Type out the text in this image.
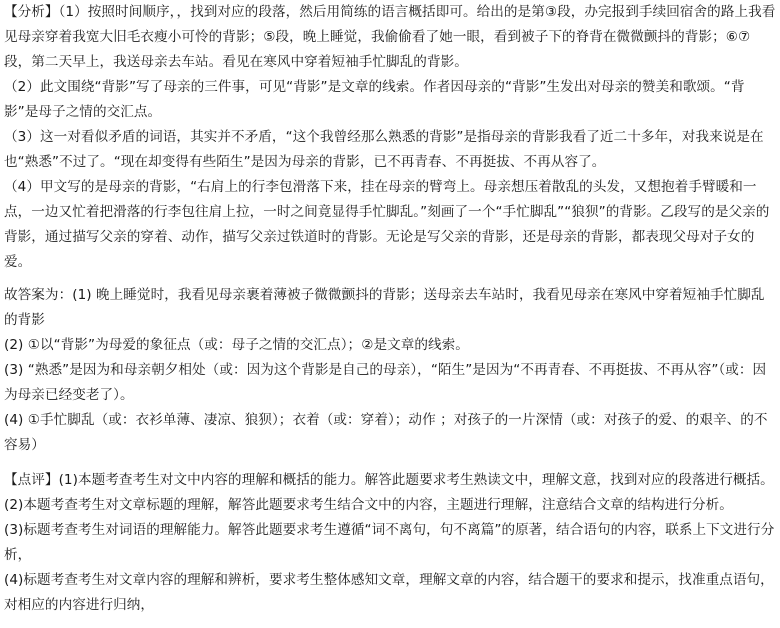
【分析】（1）按照时间顺序，，找到对应的段落，然后用简练的语言概括即可。给出的是第③段，办完报到手续回宿舍的路上我看见母亲穿着我宽大旧毛衣瘦小可怜的背影；⑤段，晚上睡觉，我偷偷看了她一眼，看到被子下的脊背在微微颤抖的背影；⑥⑦段，第二天早上，我送母亲去车站。看见在寒风中穿着短袖手忙脚乱的背影。

（2）此文围绕“背影”写了母亲的三件事，可见“背影”是文章的线索。作者因母亲的“背影”生发出对母亲的赞美和歌颂。“背影”是母子之情的交汇点。

（3）这一对看似矛盾的词语，其实并不矛盾，“这个我曾经那么熟悉的背影”是指母亲的背影我看了近二十多年，对我来说是在也“熟悉”不过了。“现在却变得有些陌生”是因为母亲的背影，已不再青春、不再挺拔、不再从容了。

（4）甲文写的是母亲的背影，“右肩上的行李包滑落下来，挂在母亲的臂弯上。母亲想压着散乱的头发，又想抱着手臂暖和一点，一边又忙着把滑落的行李包往肩上拉，一时之间竟显得手忙脚乱。”刻画了一个“手忙脚乱”“狼狈”的背影。乙段写的是父亲的背影，通过描写父亲的穿着、动作，描写父亲过铁道时的背影。无论是写父亲的背影，还是母亲的背影，都表现父母对子女的爱。

故答案为：(1) 晚上睡觉时，我看见母亲裹着薄被子微微颤抖的背影；送母亲去车站时，我看见母亲在寒风中穿着短袖手忙脚乱的背影

(2) ①以“背影”为母爱的象征点（或：母子之情的交汇点）；②是文章的线索。

(3) “熟悉”是因为和母亲朝夕相处（或：因为这个背影是自己的母亲），“陌生”是因为“不再青春、不再挺拔、不再从容”（或：因为母亲已经变老了）。

(4) ①手忙脚乱（或：衣衫单薄、凄凉、狼狈）；衣着（或：穿着）；动作 ；对孩子的一片深情（或：对孩子的爱、的艰辛、的不容易）

【点评】(1)本题考查考生对文中内容的理解和概括的能力。解答此题要求考生熟读文中，理解文意，找到对应的段落进行概括。

(2)本题考查考生对文章标题的理解，解答此题要求考生结合文中的内容，主题进行理解，注意结合文章的结构进行分析。

(3)标题考查考生对词语的理解能力。解答此题要求考生遵循“词不离句，句不离篇”的原著，结合语句的内容，联系上下文进行分析，

(4)标题考查考生对文章内容的理解和辨析，要求考生整体感知文章，理解文章的内容，结合题干的要求和提示，找准重点语句，对相应的内容进行归纳，
